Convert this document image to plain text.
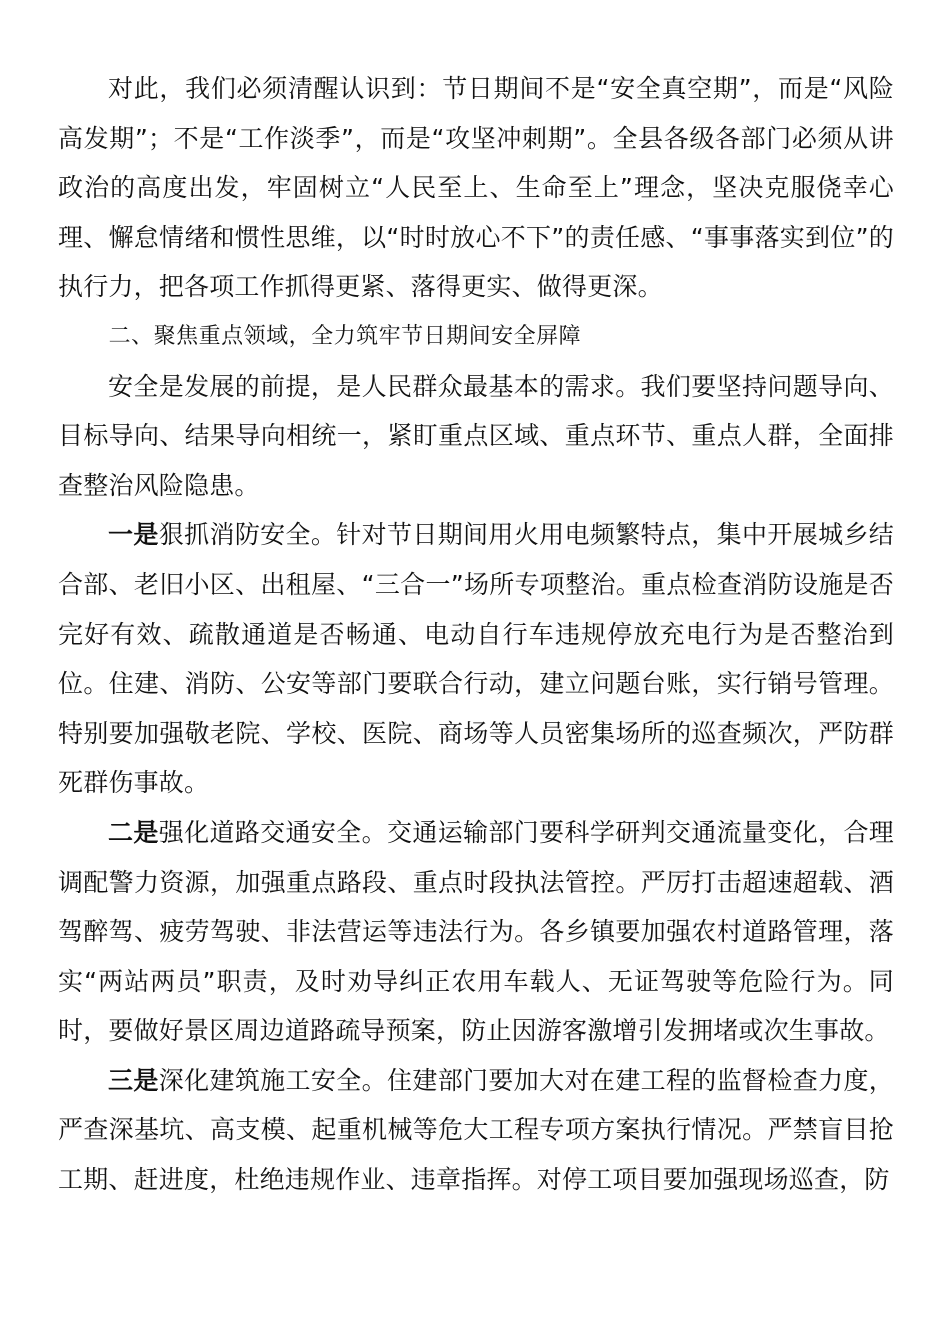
对此，我们必须清醒认识到：节日期间不是“安全真空期”，而是“风险高发期”；不是“工作淡季”，而是“攻坚冲刺期”。全县各级各部门必须从讲政治的高度出发，牢固树立“人民至上、生命至上”理念，坚决克服侥幸心理、懈怠情绪和惯性思维，以“时时放心不下”的责任感、“事事落实到位”的执行力，把各项工作抓得更紧、落得更实、做得更深。

二、聚焦重点领域，全力筑牢节日期间安全屏障

安全是发展的前提，是人民群众最基本的需求。我们要坚持问题导向、目标导向、结果导向相统一，紧盯重点区域、重点环节、重点人群，全面排查整治风险隐患。

一是狠抓消防安全。针对节日期间用火用电频繁特点，集中开展城乡结合部、老旧小区、出租屋、“三合一”场所专项整治。重点检查消防设施是否完好有效、疏散通道是否畅通、电动自行车违规停放充电行为是否整治到位。住建、消防、公安等部门要联合行动，建立问题台账，实行销号管理。特别要加强敬老院、学校、医院、商场等人员密集场所的巡查频次，严防群死群伤事故。

二是强化道路交通安全。交通运输部门要科学研判交通流量变化，合理调配警力资源，加强重点路段、重点时段执法管控。严厉打击超速超载、酒驾醉驾、疲劳驾驶、非法营运等违法行为。各乡镇要加强农村道路管理，落实“两站两员”职责，及时劝导纠正农用车载人、无证驾驶等危险行为。同时，要做好景区周边道路疏导预案，防止因游客激增引发拥堵或次生事故。

三是深化建筑施工安全。住建部门要加大对在建工程的监督检查力度，严查深基坑、高支模、起重机械等危大工程专项方案执行情况。严禁盲目抢工期、赶进度，杜绝违规作业、违章指挥。对停工项目要加强现场巡查，防
